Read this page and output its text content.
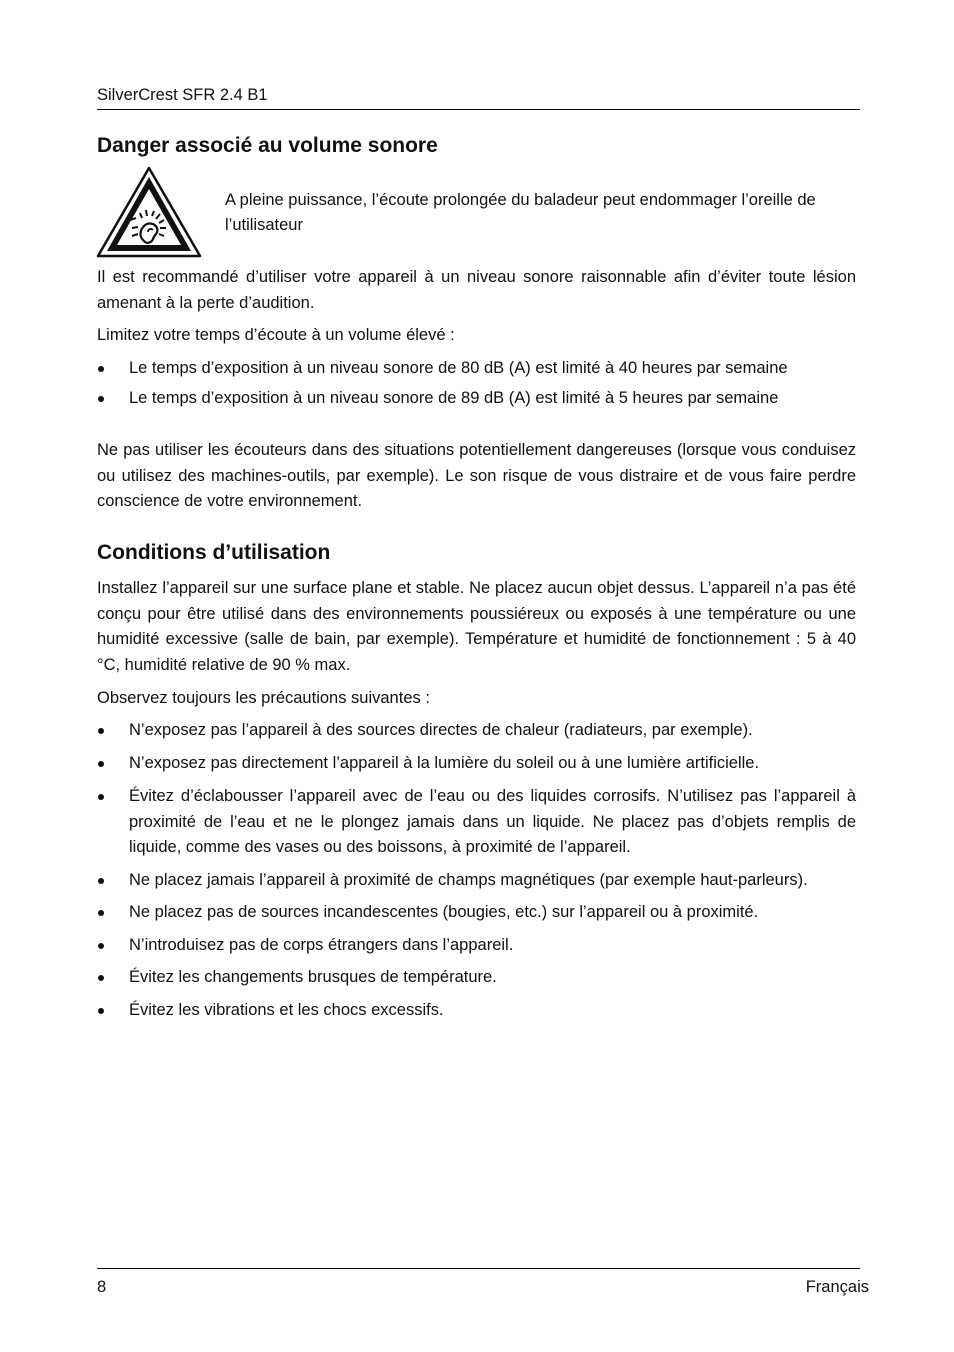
SilverCrest SFR 2.4 B1
Danger associé au volume sonore

A pleine puissance, l’écoute prolongée du baladeur peut endommager l’oreille de l’utilisateur

Il est recommandé d’utiliser votre appareil à un niveau sonore raisonnable afin d’éviter toute lésion amenant à la perte d’audition.

Limitez votre temps d’écoute à un volume élevé :

Le temps d’exposition à un niveau sonore de 80 dB (A) est limité à 40 heures par semaine
Le temps d’exposition à un niveau sonore de 89 dB (A) est limité à 5 heures par semaine

Ne pas utiliser les écouteurs dans des situations potentiellement dangereuses (lorsque vous conduisez ou utilisez des machines-outils, par exemple). Le son risque de vous distraire et de vous faire perdre conscience de votre environnement.

Conditions d’utilisation

Installez l’appareil sur une surface plane et stable. Ne placez aucun objet dessus. L’appareil n’a pas été conçu pour être utilisé dans des environnements poussiéreux ou exposés à une température ou une humidité excessive (salle de bain, par exemple). Température et humidité de fonctionnement : 5 à 40 °C, humidité relative de 90 % max.

Observez toujours les précautions suivantes :

N’exposez pas l’appareil à des sources directes de chaleur (radiateurs, par exemple).
N’exposez pas directement l’appareil à la lumière du soleil ou à une lumière artificielle.
Évitez d’éclabousser l’appareil avec de l’eau ou des liquides corrosifs. N’utilisez pas l’appareil à proximité de l’eau et ne le plongez jamais dans un liquide. Ne placez pas d’objets remplis de liquide, comme des vases ou des boissons, à proximité de l’appareil.
Ne placez jamais l’appareil à proximité de champs magnétiques (par exemple haut-parleurs).
Ne placez pas de sources incandescentes (bougies, etc.) sur l’appareil ou à proximité.
N’introduisez pas de corps étrangers dans l’appareil.
Évitez les changements brusques de température.
Évitez les vibrations et les chocs excessifs.
8	Français
